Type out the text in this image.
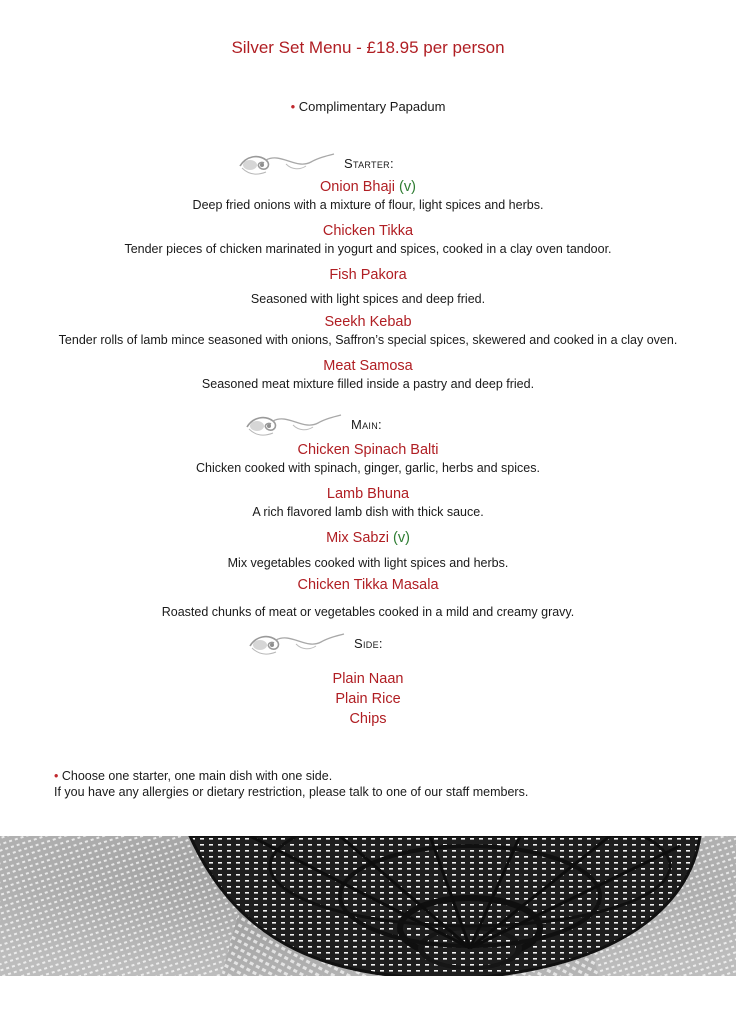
Silver Set Menu - £18.95 per person
• Complimentary Papadum
Starter:
Onion Bhaji (v)
Deep fried onions with a mixture of flour, light spices and herbs.
Chicken Tikka
Tender pieces of chicken marinated in yogurt and spices, cooked in a clay oven tandoor.
Fish Pakora
Seasoned with light spices and deep fried.
Seekh Kebab
Tender rolls of lamb mince seasoned with onions, Saffron’s special spices, skewered and cooked in a clay oven.
Meat Samosa
Seasoned meat mixture filled inside a pastry and deep fried.
Main:
Chicken Spinach Balti
Chicken cooked with spinach, ginger, garlic, herbs and spices.
Lamb Bhuna
A rich flavored lamb dish with thick sauce.
Mix Sabzi (v)
Mix vegetables cooked with light spices and herbs.
Chicken Tikka Masala
Roasted chunks of meat or vegetables cooked in a mild and creamy gravy.
Side:
Plain Naan
Plain Rice
Chips
• Choose one starter, one main dish with one side.
If you have any allergies or dietary restriction, please talk to one of our staff members.
